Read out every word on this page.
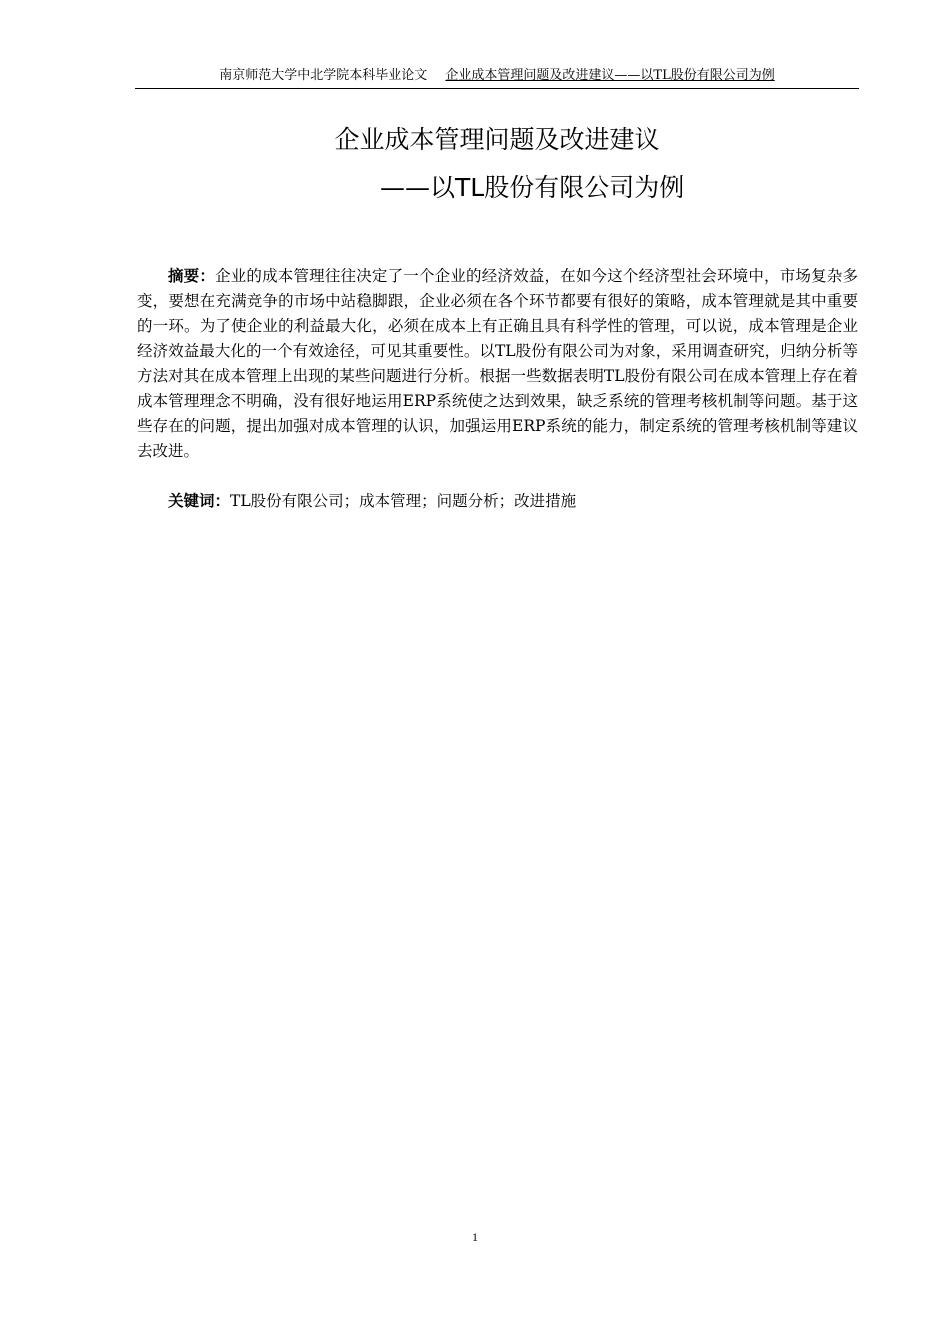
南京师范大学中北学院本科毕业论文 企业成本管理问题及改进建议——以TL股份有限公司为例
企业成本管理问题及改进建议
——以TL股份有限公司为例

摘要：企业的成本管理往往决定了一个企业的经济效益，在如今这个经济型社会环境中，市场复杂多变，要想在充满竞争的市场中站稳脚跟，企业必须在各个环节都要有很好的策略，成本管理就是其中重要的一环。为了使企业的利益最大化，必须在成本上有正确且具有科学性的管理，可以说，成本管理是企业经济效益最大化的一个有效途径，可见其重要性。以TL股份有限公司为对象，采用调查研究，归纳分析等方法对其在成本管理上出现的某些问题进行分析。根据一些数据表明TL股份有限公司在成本管理上存在着成本管理理念不明确，没有很好地运用ERP系统使之达到效果，缺乏系统的管理考核机制等问题。基于这些存在的问题，提出加强对成本管理的认识，加强运用ERP系统的能力，制定系统的管理考核机制等建议去改进。

关键词：TL股份有限公司；成本管理；问题分析；改进措施

1
